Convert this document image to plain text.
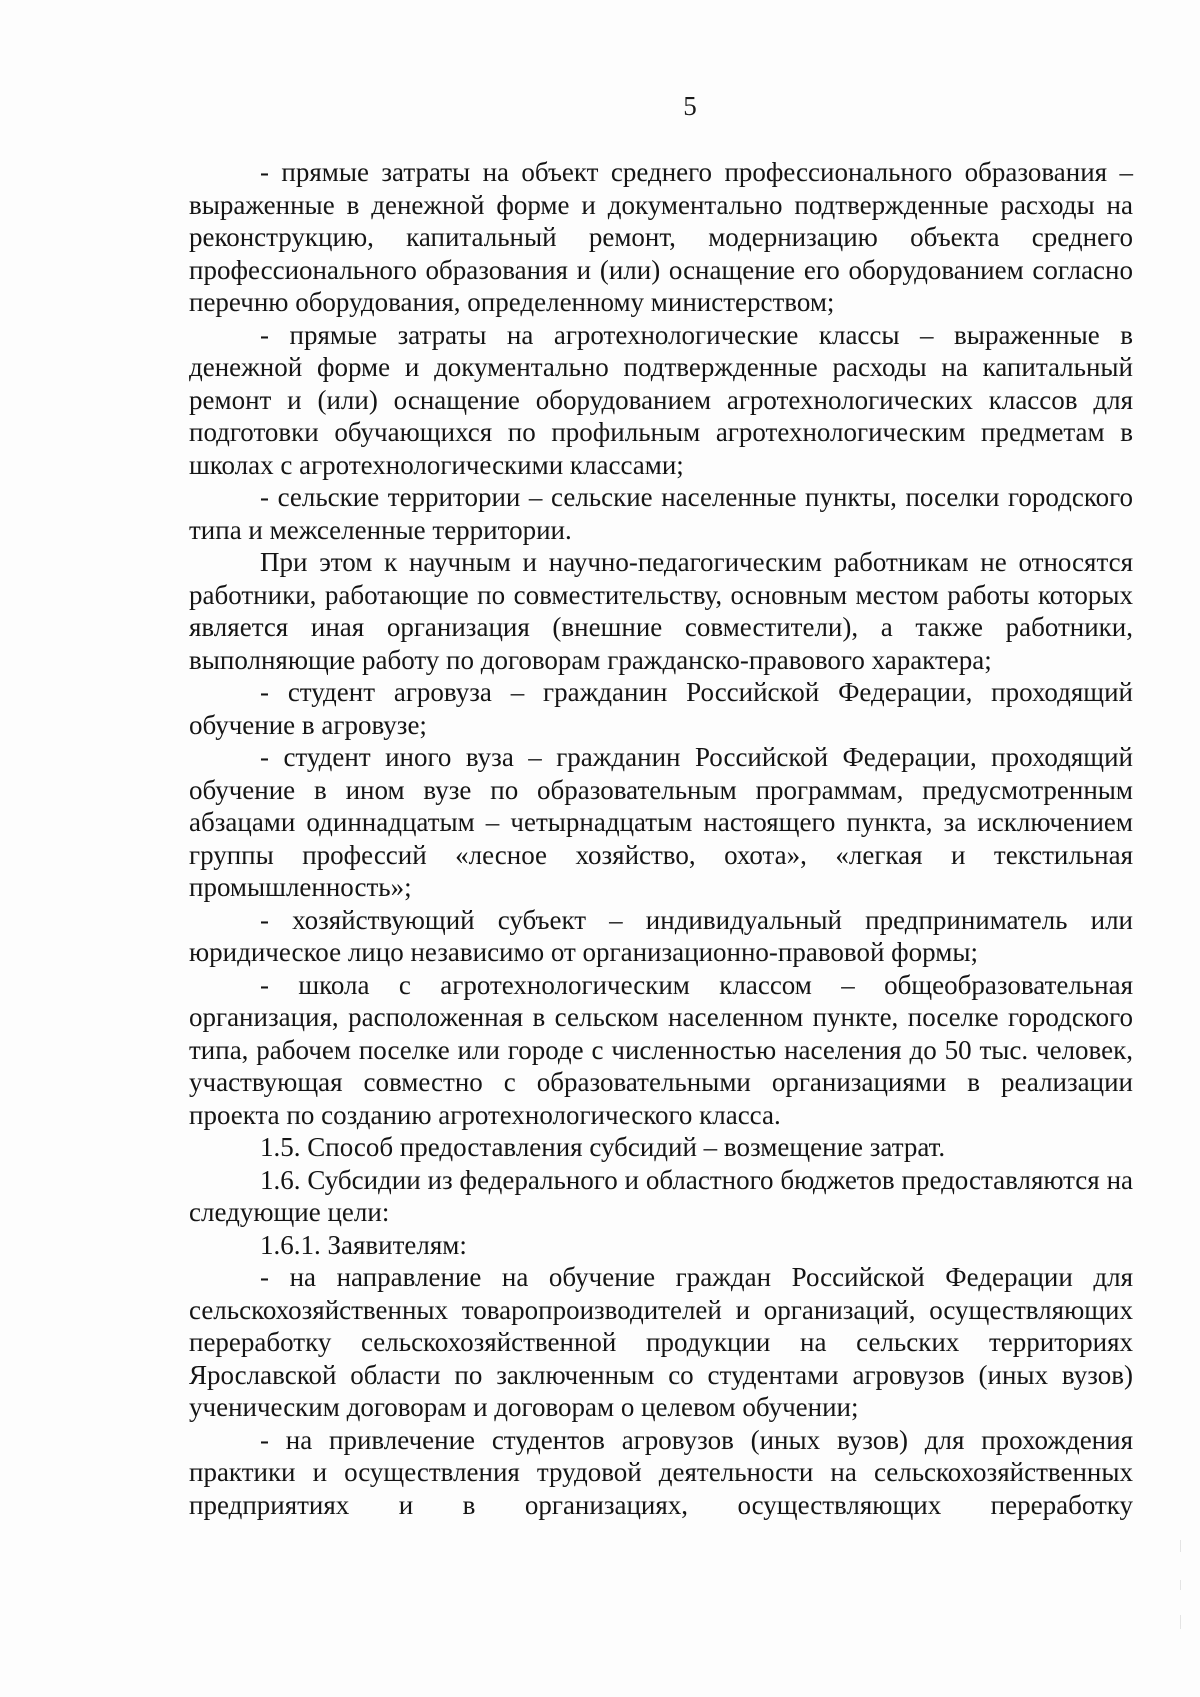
5

- прямые затраты на объект среднего профессионального образования – выраженные в денежной форме и документально подтвержденные расходы на реконструкцию, капитальный ремонт, модернизацию объекта среднего профессионального образования и (или) оснащение его оборудованием согласно перечню оборудования, определенному министерством;

- прямые затраты на агротехнологические классы – выраженные в денежной форме и документально подтвержденные расходы на капитальный ремонт и (или) оснащение оборудованием агротехнологических классов для подготовки обучающихся по профильным агротехнологическим предметам в школах с агротехнологическими классами;

- сельские территории – сельские населенные пункты, поселки городского типа и межселенные территории.

При этом к научным и научно-педагогическим работникам не относятся работники, работающие по совместительству, основным местом работы которых является иная организация (внешние совместители), а также работники, выполняющие работу по договорам гражданско-правового характера;

- студент агровуза – гражданин Российской Федерации, проходящий обучение в агровузе;

- студент иного вуза – гражданин Российской Федерации, проходящий обучение в ином вузе по образовательным программам, предусмотренным абзацами одиннадцатым – четырнадцатым настоящего пункта, за исключением группы профессий «лесное хозяйство, охота», «легкая и текстильная промышленность»;

- хозяйствующий субъект – индивидуальный предприниматель или юридическое лицо независимо от организационно-правовой формы;

- школа с агротехнологическим классом – общеобразовательная организация, расположенная в сельском населенном пункте, поселке городского типа, рабочем поселке или городе с численностью населения до 50 тыс. человек, участвующая совместно с образовательными организациями в реализации проекта по созданию агротехнологического класса.

1.5. Способ предоставления субсидий – возмещение затрат.

1.6. Субсидии из федерального и областного бюджетов предоставляются на следующие цели:

1.6.1. Заявителям:

- на направление на обучение граждан Российской Федерации для сельскохозяйственных товаропроизводителей и организаций, осуществляющих переработку сельскохозяйственной продукции на сельских территориях Ярославской области по заключенным со студентами агровузов (иных вузов) ученическим договорам и договорам о целевом обучении;

- на привлечение студентов агровузов (иных вузов) для прохождения практики и осуществления трудовой деятельности на сельскохозяйственных предприятиях и в организациях, осуществляющих переработку
